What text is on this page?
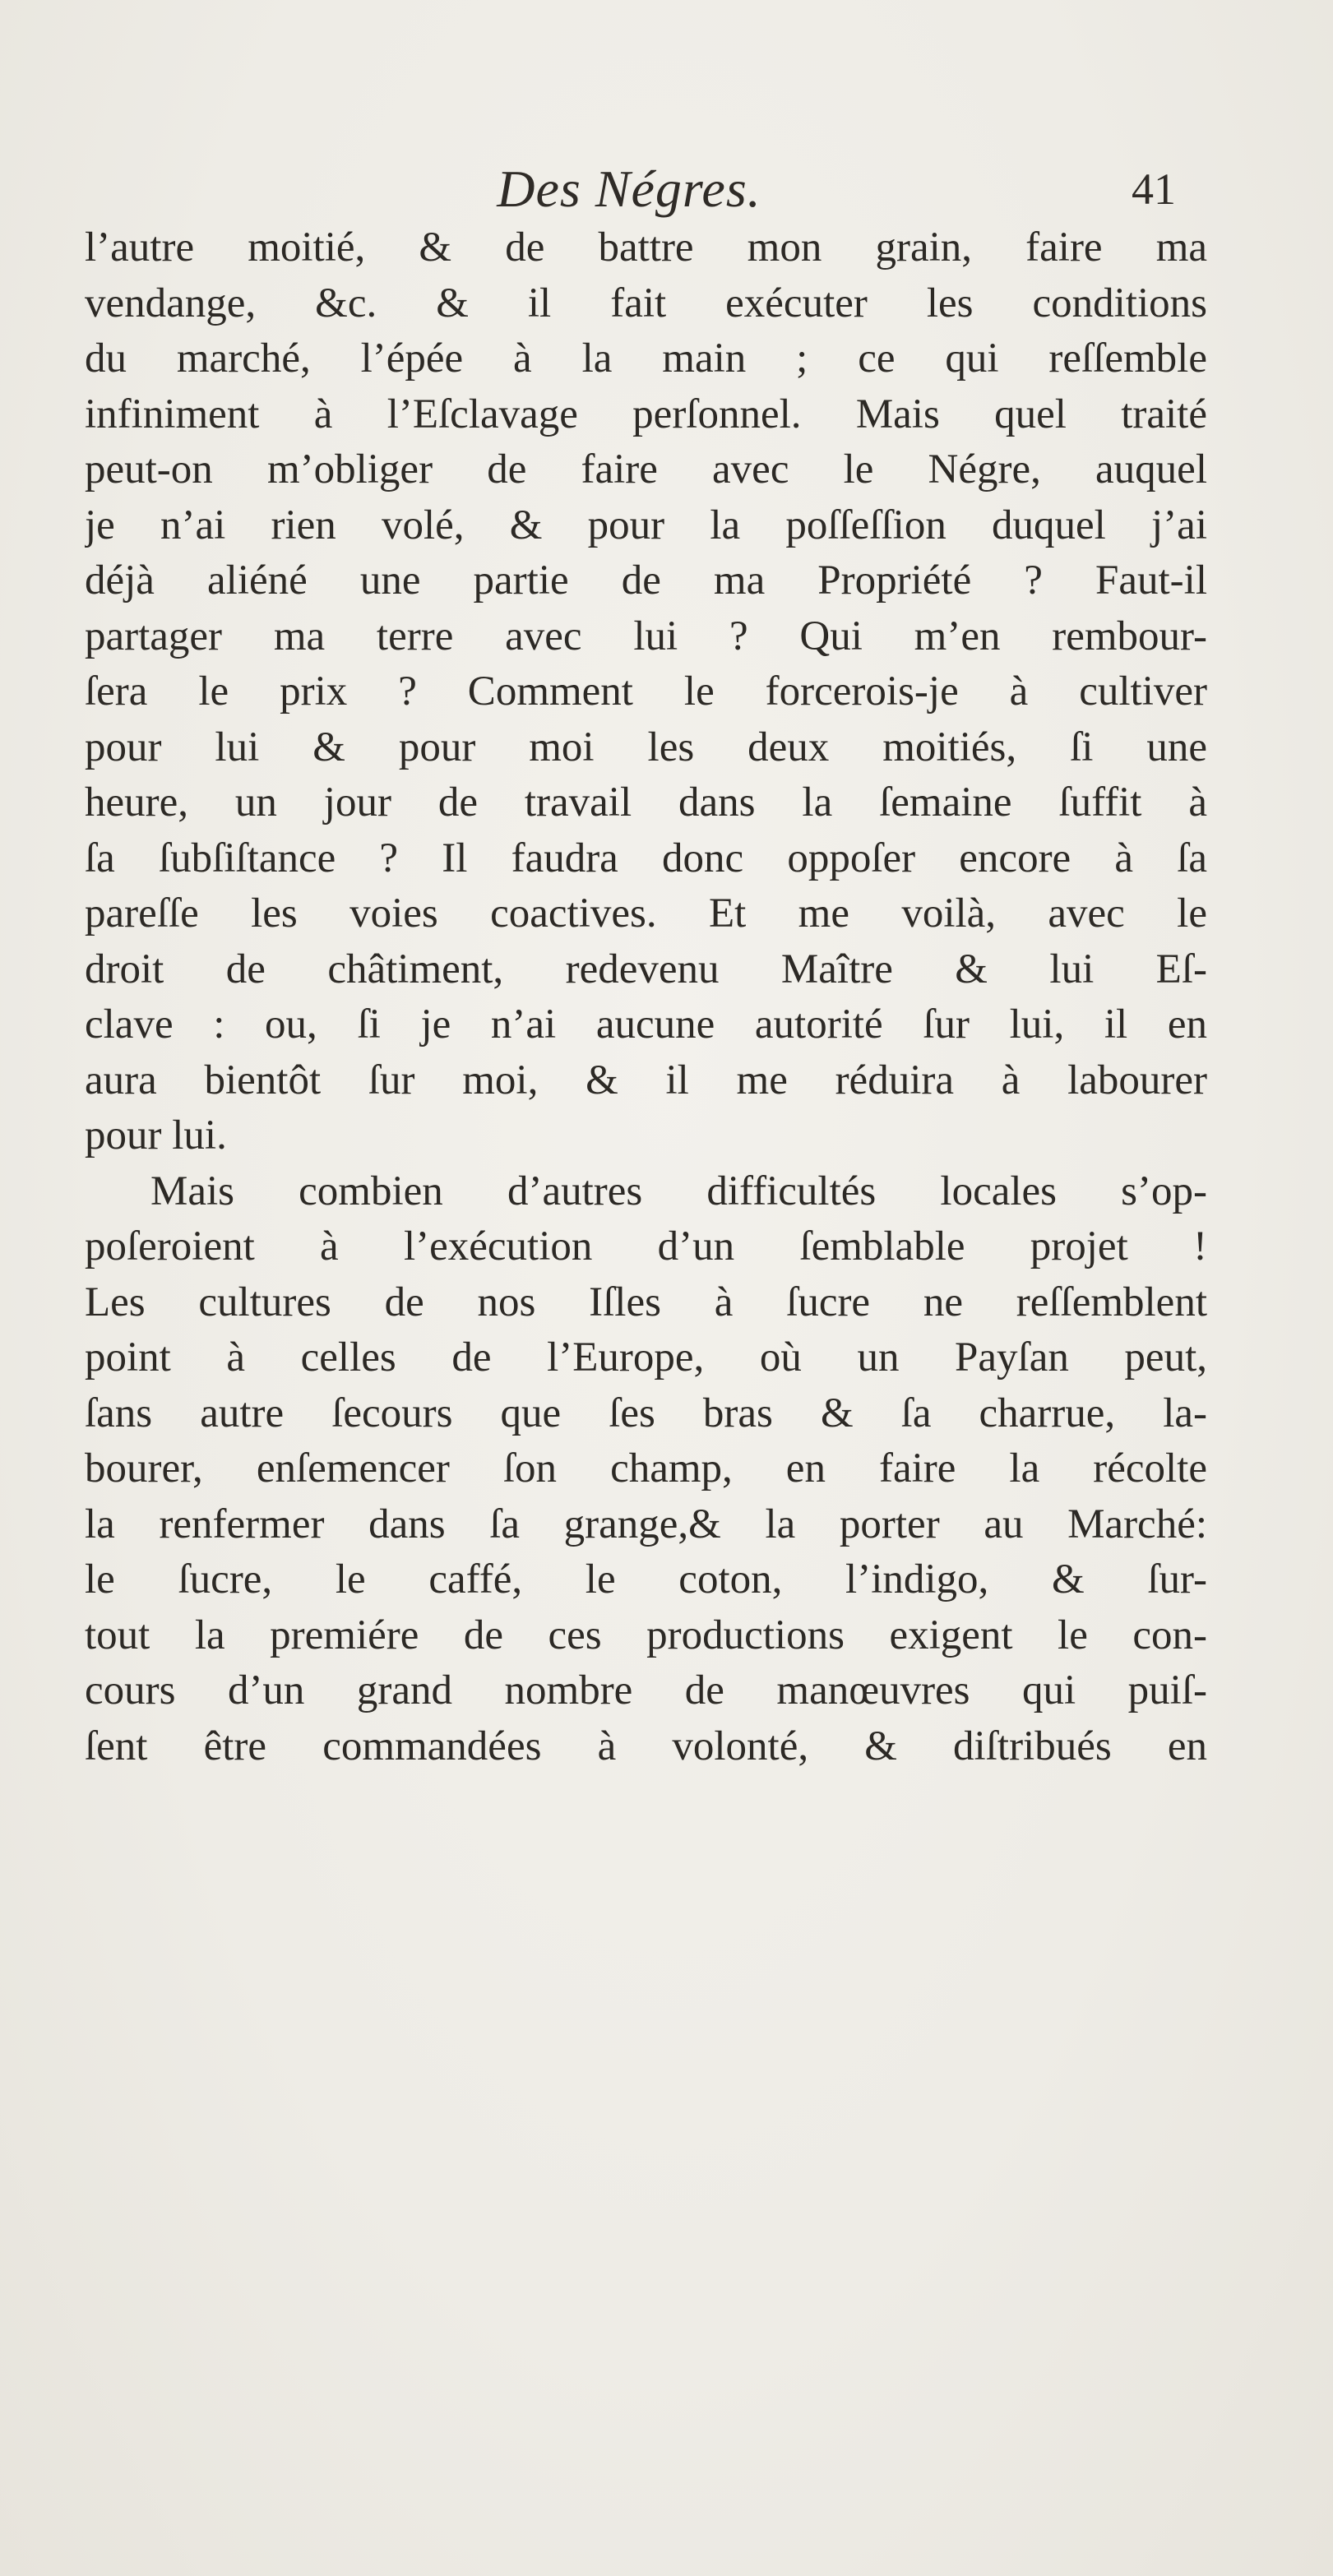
Des Négres.	41
l’autre moitié, & de battre mon grain, faire ma
vendange, &c. & il fait exécuter les conditions
du marché, l’épée à la main ; ce qui reſſemble
infiniment à l’Eſclavage perſonnel. Mais quel traité
peut-on m’obliger de faire avec le Négre, auquel
je n’ai rien volé, & pour la poſſeſſion duquel j’ai
déjà aliéné une partie de ma Propriété ? Faut-il
partager ma terre avec lui ? Qui m’en rembour-
ſera le prix ? Comment le forcerois-je à cultiver
pour lui & pour moi les deux moitiés, ſi une
heure, un jour de travail dans la ſemaine ſuffit à
ſa ſubſiſtance ? Il faudra donc oppoſer encore à ſa
pareſſe les voies coactives. Et me voilà, avec le
droit de châtiment, redevenu Maître & lui Eſ-
clave : ou, ſi je n’ai aucune autorité ſur lui, il en
aura bientôt ſur moi, & il me réduira à labourer
pour lui.
Mais combien d’autres difficultés locales s’op-
poſeroient à l’exécution d’un ſemblable projet !
Les cultures de nos Iſles à ſucre ne reſſemblent
point à celles de l’Europe, où un Payſan peut,
ſans autre ſecours que ſes bras & ſa charrue, la-
bourer, enſemencer ſon champ, en faire la récolte
la renfermer dans ſa grange,& la porter au Marché:
le ſucre, le caffé, le coton, l’indigo, & ſur-
tout la premiére de ces productions exigent le con-
cours d’un grand nombre de manœuvres qui puiſ-
ſent être commandées à volonté, & diſtribués en
